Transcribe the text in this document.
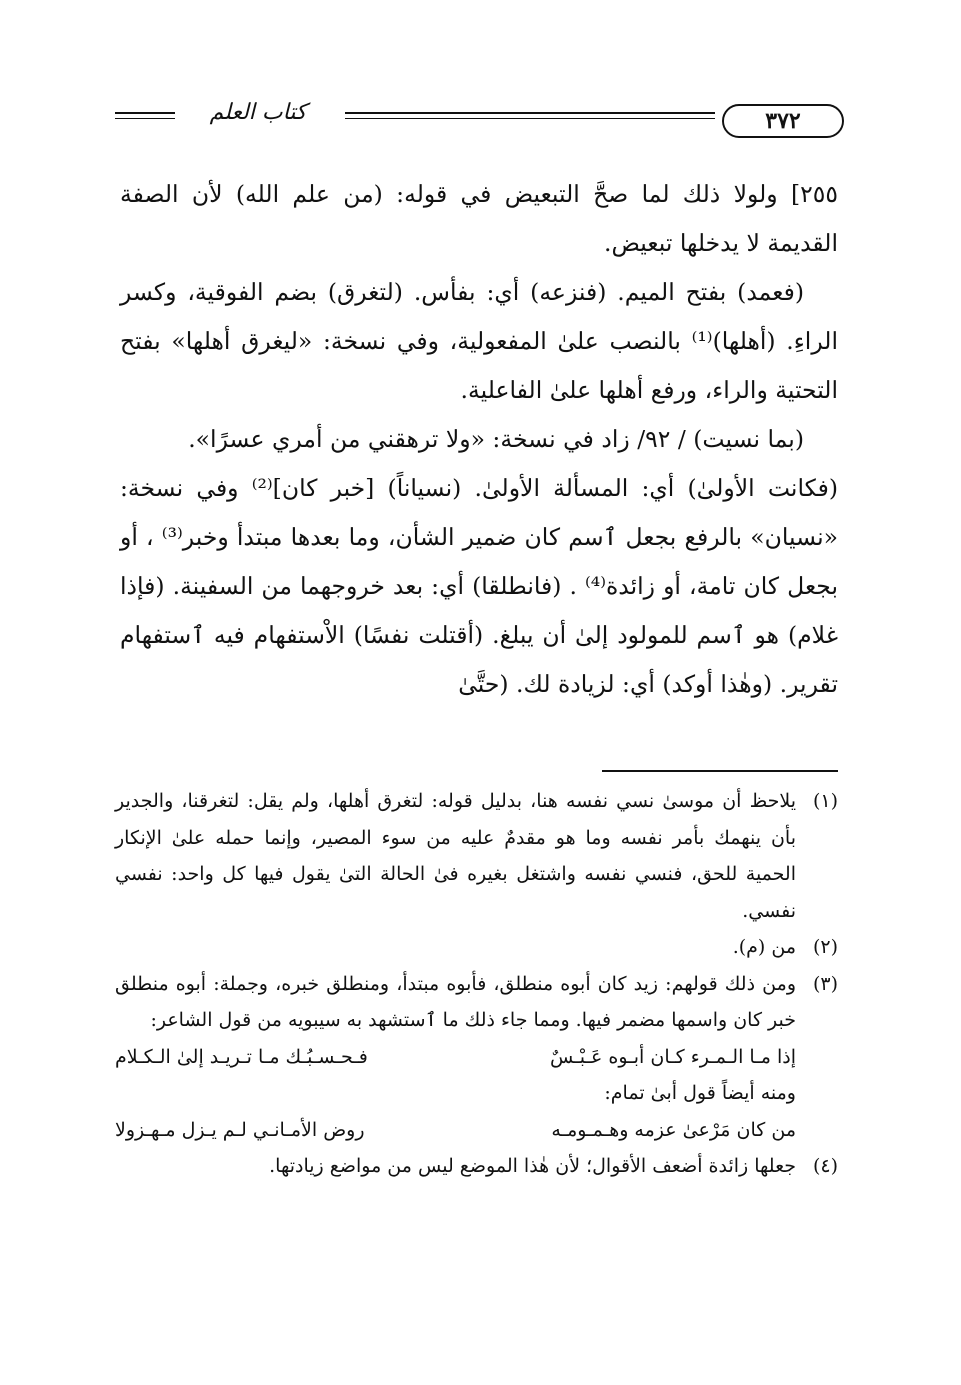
كتاب العلم	٣٧٢

٢٥٥] ولولا ذلك لما صحَّ التبعيض في قوله: (من علم الله) لأن الصفة القديمة لا يدخلها تبعيض.

(فعمد) بفتح الميم. (فنزعه) أي: بفأس. (لتغرق) بضم الفوقية، وكسر الراءِ. (أهلها)⁽¹⁾ بالنصب علىٰ المفعولية، وفي نسخة: «ليغرق أهلها» بفتح التحتية والراء، ورفع أهلها علىٰ الفاعلية.

(بما نسيت) / ٩٢/ زاد في نسخة: «ولا ترهقني من أمري عسرًا».

(فكانت الأولىٰ) أي: المسألة الأولىٰ. (نسياناً) [خبر كان]⁽²⁾ وفي نسخة: «نسيان» بالرفع بجعل ٱسم كان ضمير الشأن، وما بعدها مبتدأ وخبر⁽³⁾ ، أو بجعل كان تامة، أو زائدة⁽⁴⁾ . (فانطلقا) أي: بعد خروجهما من السفينة. (فإذا غلام) هو ٱسم للمولود إلىٰ أن يبلغ. (أقتلت نفسًا) الاْستفهام فيه ٱستفهام تقرير. (وهٰذا أوكد) أي: لزيادة لك. (حتَّىٰ

(١)
يلاحظ أن موسىٰ نسي نفسه هنا، بدليل قوله: لتغرق أهلها، ولم يقل: لتغرقنا، والجدير بأن ينهمك بأمر نفسه وما هو مقدمٌ عليه من سوء المصير، وإنما حمله علىٰ الإنكار الحمية للحق، فنسي نفسه واشتغل بغيره فىٰ الحالة التىٰ يقول فيها كل واحد: نفسي نفسي.
(٢)
من (م).
(٣)
ومن ذلك قولهم: زيد كان أبوه منطلق، فأبوه مبتدأ، ومنطلق خبره، وجملة: أبوه منطلق خبر كان واسمها مضمر فيها. ومما جاء ذلك ما ٱستشهد به سيبويه من قول الشاعر:
إذا مـا الـمـرء كـان أبـوه عَـبْـسٌ
فـحـسـبُـك مـا تـريـد إلىٰ الـكـلام
ومنه أيضاً قول أبىٰ تمام:
من كان مَرْعىٰ عزمه وهـمـومـه
روض الأمـانـي لـم يـزل مـهـزولا
(٤)
جعلها زائدة أضعف الأقوال؛ لأن هٰذا الموضع ليس من مواضع زيادتها.
